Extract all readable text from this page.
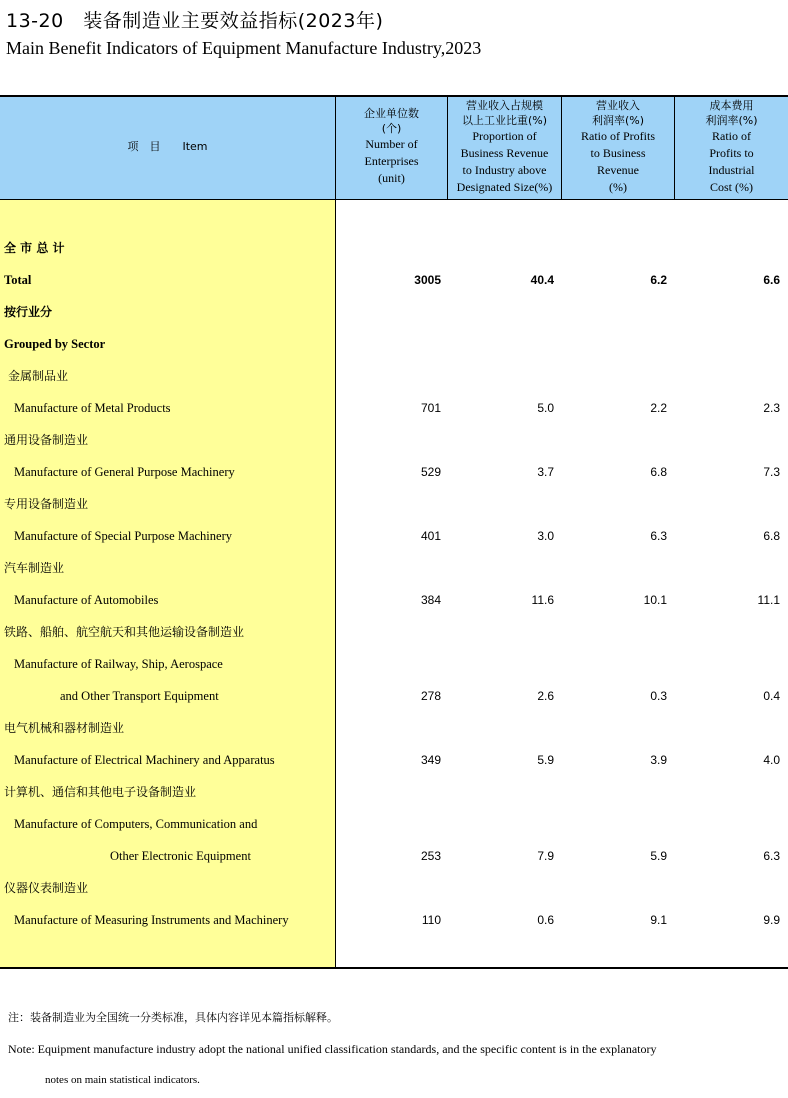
13-20　装备制造业主要效益指标(2023年)
Main Benefit Indicators of Equipment Manufacture Industry,2023
项　目　　Item
企业单位数
(个)
Number of
Enterprises
(unit)
营业收入占规模
以上工业比重(%)
Proportion of
Business Revenue
to Industry above
Designated Size(%)
营业收入
利润率(%)
Ratio of Profits
to Business
Revenue
(%)
成本费用
利润率(%)
Ratio of
Profits to
Industrial
Cost (%)
全 市 总 计
Total	3005	40.4	6.2	6.6
按行业分
Grouped by Sector
金属制品业
Manufacture of Metal Products	701	5.0	2.2	2.3
通用设备制造业
Manufacture of General Purpose Machinery	529	3.7	6.8	7.3
专用设备制造业
Manufacture of Special Purpose Machinery	401	3.0	6.3	6.8
汽车制造业
Manufacture of Automobiles	384	11.6	10.1	11.1
铁路、船舶、航空航天和其他运输设备制造业
Manufacture of Railway, Ship, Aerospace
and Other Transport Equipment	278	2.6	0.3	0.4
电气机械和器材制造业
Manufacture of Electrical Machinery and Apparatus	349	5.9	3.9	4.0
计算机、通信和其他电子设备制造业
Manufacture of Computers, Communication and
Other Electronic Equipment	253	7.9	5.9	6.3
仪器仪表制造业
Manufacture of Measuring Instruments and Machinery	110	0.6	9.1	9.9
注：装备制造业为全国统一分类标准，具体内容详见本篇指标解释。
Note: Equipment manufacture industry adopt the national unified classification standards, and the specific content is in the explanatory
notes on main statistical indicators.
